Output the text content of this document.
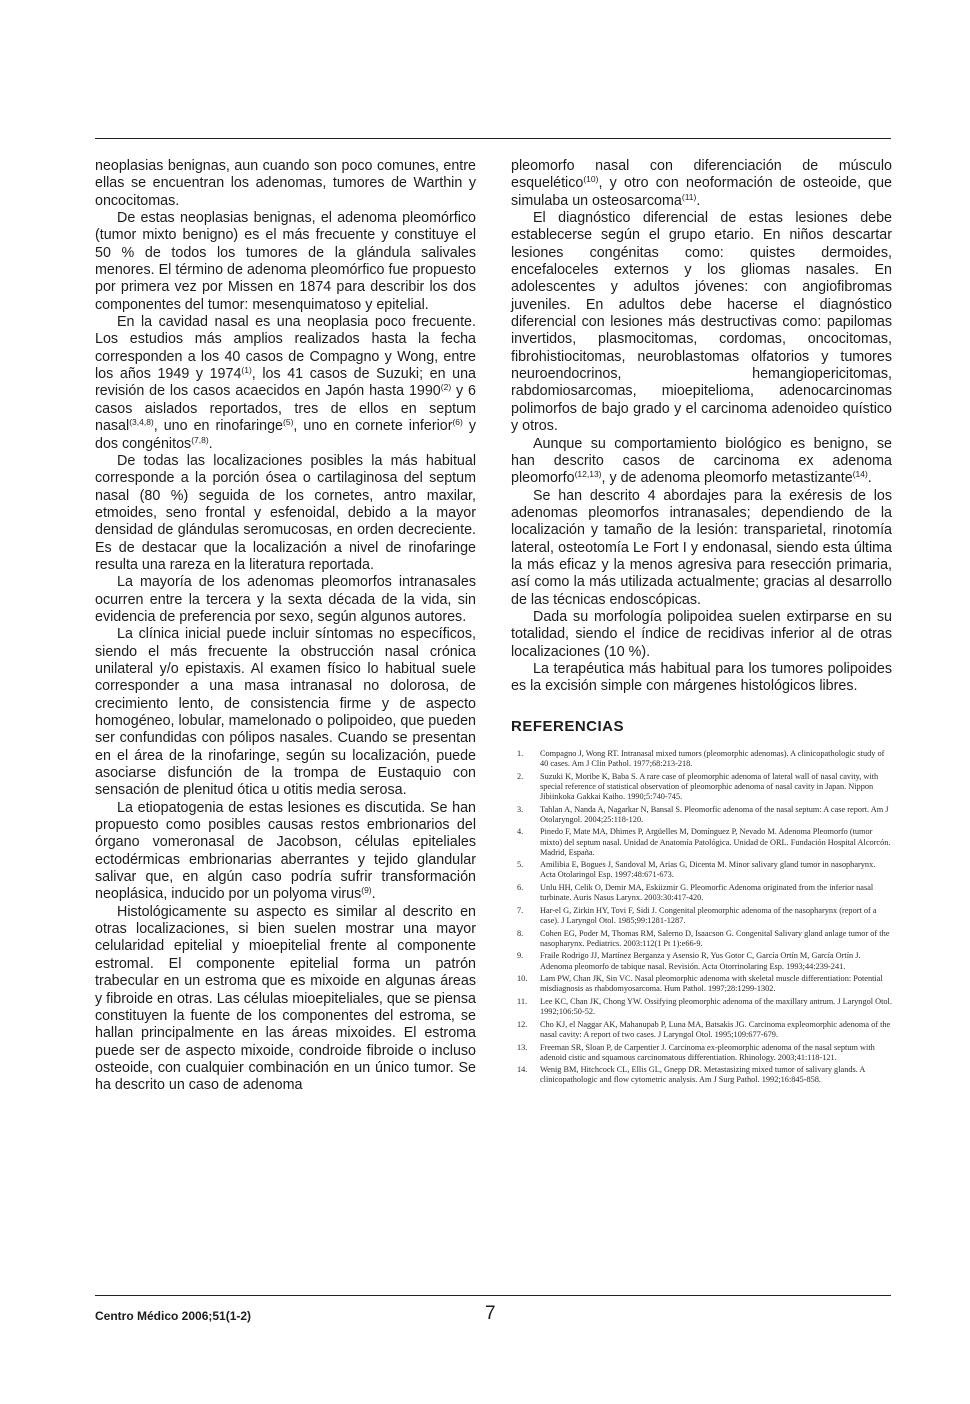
neoplasias benignas, aun cuando son poco comunes, entre ellas se encuentran los adenomas, tumores de Warthin y oncocitomas.

De estas neoplasias benignas, el adenoma pleomórfico (tumor mixto benigno) es el más frecuente y constituye el 50 % de todos los tumores de la glándula salivales menores. El término de adenoma pleomórfico fue propuesto por primera vez por Missen en 1874 para describir los dos componentes del tumor: mesenquimatoso y epitelial.

En la cavidad nasal es una neoplasia poco frecuente. Los estudios más amplios realizados hasta la fecha corresponden a los 40 casos de Compagno y Wong, entre los años 1949 y 1974$^{(1)}$, los 41 casos de Suzuki; en una revisión de los casos acaecidos en Japón hasta 1990$^{(2)}$ y 6 casos aislados reportados, tres de ellos en septum nasal$^{(3,4,8)}$, uno en rinofaringe$^{(5)}$, uno en cornete inferior$^{(6)}$ y dos congénitos$^{(7,8)}$.

De todas las localizaciones posibles la más habitual corresponde a la porción ósea o cartilaginosa del septum nasal (80 %) seguida de los cornetes, antro maxilar, etmoides, seno frontal y esfenoidal, debido a la mayor densidad de glándulas seromucosas, en orden decreciente. Es de destacar que la localización a nivel de rinofaringe resulta una rareza en la literatura reportada.

La mayoría de los adenomas pleomorfos intranasales ocurren entre la tercera y la sexta década de la vida, sin evidencia de preferencia por sexo, según algunos autores.

La clínica inicial puede incluir síntomas no específicos, siendo el más frecuente la obstrucción nasal crónica unilateral y/o epistaxis. Al examen físico lo habitual suele corresponder a una masa intranasal no dolorosa, de crecimiento lento, de consistencia firme y de aspecto homogéneo, lobular, mamelonado o polipoideo, que pueden ser confundidas con pólipos nasales. Cuando se presentan en el área de la rinofaringe, según su localización, puede asociarse disfunción de la trompa de Eustaquio con sensación de plenitud ótica u otitis media serosa.

La etiopatogenia de estas lesiones es discutida. Se han propuesto como posibles causas restos embrionarios del órgano vomeronasal de Jacobson, células epiteliales ectodérmicas embrionarias aberrantes y tejido glandular salivar que, en algún caso podría sufrir transformación neoplásica, inducido por un polyoma virus$^{(9)}$.

Histológicamente su aspecto es similar al descrito en otras localizaciones, si bien suelen mostrar una mayor celularidad epitelial y mioepitelial frente al componente estromal. El componente epitelial forma un patrón trabecular en un estroma que es mixoide en algunas áreas y fibroide en otras. Las células mioepiteliales, que se piensa constituyen la fuente de los componentes del estroma, se hallan principalmente en las áreas mixoides. El estroma puede ser de aspecto mixoide, condroide fibroide o incluso osteoide, con cualquier combinación en un único tumor. Se ha descrito un caso de adenoma

pleomorfo nasal con diferenciación de músculo esquelético$^{(10)}$, y otro con neoformación de osteoide, que simulaba un osteosarcoma$^{(11)}$.

El diagnóstico diferencial de estas lesiones debe establecerse según el grupo etario. En niños descartar lesiones congénitas como: quistes dermoides, encefaloceles externos y los gliomas nasales. En adolescentes y adultos jóvenes: con angiofibromas juveniles. En adultos debe hacerse el diagnóstico diferencial con lesiones más destructivas como: papilomas invertidos, plasmocitomas, cordomas, oncocitomas, fibrohistiocitomas, neuroblastomas olfatorios y tumores neuroendocrinos, hemangiopericitomas, rabdomiosarcomas, mioepitelioma, adenocarcinomas polimorfos de bajo grado y el carcinoma adenoideo quístico y otros.

Aunque su comportamiento biológico es benigno, se han descrito casos de carcinoma ex adenoma pleomorfo$^{(12,13)}$, y de adenoma pleomorfo metastizante$^{(14)}$.

Se han descrito 4 abordajes para la exéresis de los adenomas pleomorfos intranasales; dependiendo de la localización y tamaño de la lesión: transparietal, rinotomía lateral, osteotomía Le Fort I y endonasal, siendo esta última la más eficaz y la menos agresiva para resección primaria, así como la más utilizada actualmente; gracias al desarrollo de las técnicas endoscópicas.

Dada su morfología polipoidea suelen extirparse en su totalidad, siendo el índice de recidivas inferior al de otras localizaciones (10 %).

La terapéutica más habitual para los tumores polipoides es la excisión simple con márgenes histológicos libres.

REFERENCIAS
1. Compagno J, Wong RT. Intranasal mixed tumors (pleomorphic adenomas). A clinicopathologic study of 40 cases. Am J Clin Pathol. 1977;68:213-218.
2. Suzuki K, Moribe K, Baba S. A rare case of pleomorphic adenoma of lateral wall of nasal cavity, with special reference of statistical observation of pleomorphic adenoma of nasal cavity in Japan. Nippon Jibiinkoka Gakkai Kaiho. 1990;5:740-745.
3. Tahlan A, Nanda A, Nagarkar N, Bansal S. Pleomorfic adenoma of the nasal septum: A case report. Am J Otolaryngol. 2004;25:118-120.
4. Pinedo F, Mate MA, Dhimes P, Argüelles M, Domínguez P, Nevado M. Adenoma Pleomorfo (tumor mixto) del septum nasal. Unidad de Anatomía Patológica. Unidad de ORL. Fundación Hospital Alcorcón. Madrid, España.
5. Amilibia E, Bogues J, Sandoval M, Arias G, Dicenta M. Minor salivary gland tumor in nasopharynx. Acta Otolaringol Esp. 1997:48:671-673.
6. Unlu HH, Celik O, Demir MA, Eskiizmir G. Pleomorfic Adenoma originated from the inferior nasal turbinate. Auris Nasus Larynx. 2003:30:417-420.
7. Har-el G, Zirkin HY, Tovi F, Sidi J. Congenital pleomorphic adenoma of the nasopharynx (report of a case). J Laryngol Otol. 1985;99:1281-1287.
8. Cohen EG, Poder M, Thomas RM, Salerno D, Isaacson G. Congenital Salivary gland anlage tumor of the nasopharynx. Pediatrics. 2003:112(1 Pt 1):e66-9.
9. Fraile Rodrigo JJ, Martínez Berganza y Asensio R, Yus Gotor C, García Ortín M, García Ortín J. Adenoma pleomorfo de tabique nasal. Revisión. Acta Otorrinolaring Esp. 1993;44:239-241.
10. Lam PW, Chan JK, Sin VC. Nasal pleomorphic adenoma with skeletal muscle differentiation: Potential misdiagnosis as rhabdomyosarcoma. Hum Pathol. 1997;28:1299-1302.
11. Lee KC, Chan JK, Chong YW. Ossifying pleomorphic adenoma of the maxillary antrum. J Laryngol Otol. 1992;106:50-52.
12. Cho KJ, el Naggar AK, Mahanupab P, Luna MA, Batsakis JG. Carcinoma expleomorphic adenoma of the nasal cavity: A report of two cases. J Laryngol Otol. 1995;109:677-679.
13. Freeman SR, Sloan P, de Carpentier J. Carcinoma ex-pleomorphic adenoma of the nasal septum with adenoid cistic and squamous carcinomatous differentiation. Rhinology. 2003;41:118-121.
14. Wenig BM, Hitchcock CL, Ellis GL, Gnepp DR. Metastasizing mixed tumor of salivary glands. A clinicopathologic and flow cytometric analysis. Am J Surg Pathol. 1992;16:845-858.
Centro Médico 2006;51(1-2)	7
